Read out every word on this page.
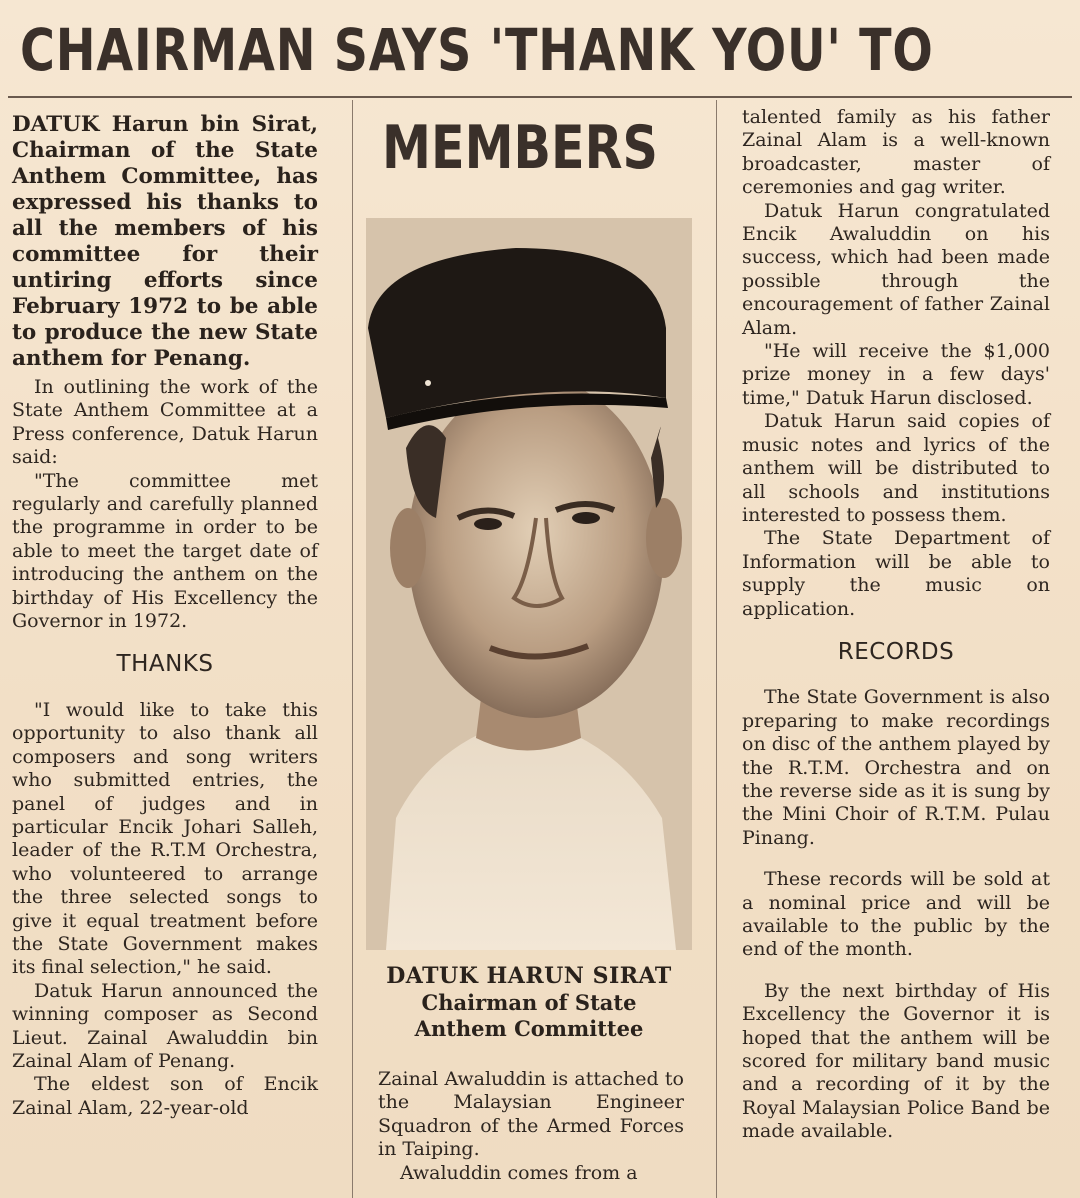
CHAIRMAN SAYS 'THANK YOU' TO

DATUK Harun bin Sirat, Chairman of the State Anthem Committee, has expressed his thanks to all the members of his committee for their untiring efforts since February 1972 to be able to produce the new State anthem for Penang.

In outlining the work of the State Anthem Committee at a Press conference, Datuk Harun said:

"The committee met regularly and carefully planned the programme in order to be able to meet the target date of introducing the anthem on the birthday of His Excellency the Governor in 1972.

THANKS

"I would like to take this opportunity to also thank all composers and song writers who submitted entries, the panel of judges and in particular Encik Johari Salleh, leader of the R.T.M Orchestra, who volunteered to arrange the three selected songs to give it equal treatment before the State Government makes its final selection," he said.

Datuk Harun announced the winning composer as Second Lieut. Zainal Awaluddin bin Zainal Alam of Penang.

The eldest son of Encik Zainal Alam, 22-year-old

MEMBERS
DATUK HARUN SIRAT
Chairman of State
Anthem Committee

Zainal Awaluddin is attached to the Malaysian Engineer Squadron of the Armed Forces in Taiping.

Awaluddin comes from a

talented family as his father Zainal Alam is a well-known broadcaster, master of ceremonies and gag writer.

Datuk Harun congratulated Encik Awaluddin on his success, which had been made possible through the encouragement of father Zainal Alam.

"He will receive the $1,000 prize money in a few days' time," Datuk Harun disclosed.

Datuk Harun said copies of music notes and lyrics of the anthem will be distributed to all schools and institutions interested to possess them.

The State Department of Information will be able to supply the music on application.

RECORDS

The State Government is also preparing to make recordings on disc of the anthem played by the R.T.M. Orchestra and on the reverse side as it is sung by the Mini Choir of R.T.M. Pulau Pinang.

These records will be sold at a nominal price and will be available to the public by the end of the month.

By the next birthday of His Excellency the Governor it is hoped that the anthem will be scored for military band music and a recording of it by the Royal Malaysian Police Band be made available.
